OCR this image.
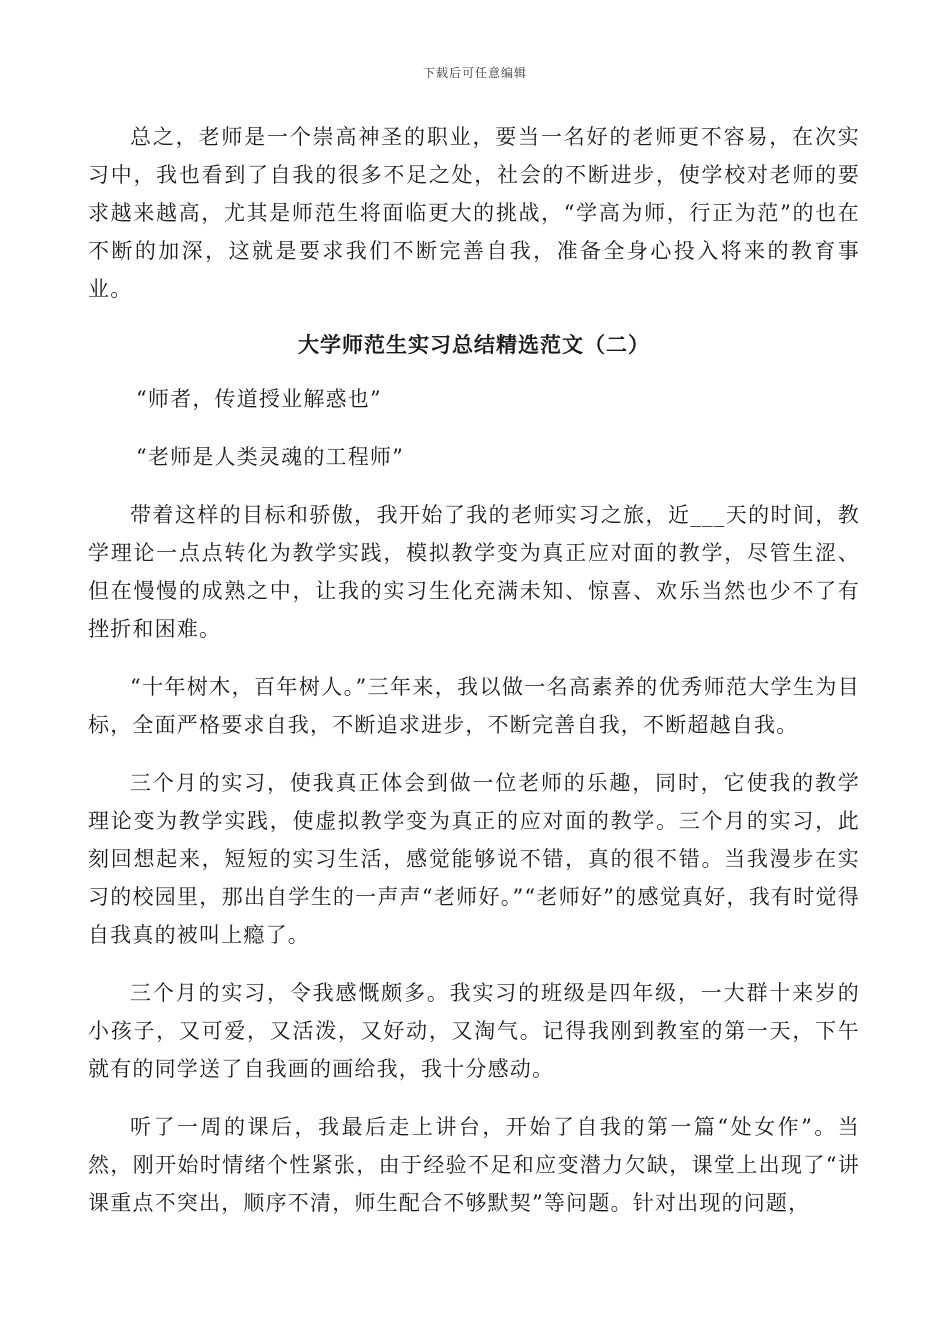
下载后可任意编辑

总之，老师是一个崇高神圣的职业，要当一名好的老师更不容易，在次实习中，我也看到了自我的很多不足之处，社会的不断进步，使学校对老师的要求越来越高，尤其是师范生将面临更大的挑战，“学高为师，行正为范”的也在不断的加深，这就是要求我们不断完善自我，准备全身心投入将来的教育事业。

大学师范生实习总结精选范文（二）

“师者，传道授业解惑也”

“老师是人类灵魂的工程师”

带着这样的目标和骄傲，我开始了我的老师实习之旅，近___天的时间，教学理论一点点转化为教学实践，模拟教学变为真正应对面的教学，尽管生涩、但在慢慢的成熟之中，让我的实习生化充满未知、惊喜、欢乐当然也少不了有挫折和困难。

“十年树木，百年树人。”三年来，我以做一名高素养的优秀师范大学生为目标，全面严格要求自我，不断追求进步，不断完善自我，不断超越自我。

三个月的实习，使我真正体会到做一位老师的乐趣，同时，它使我的教学理论变为教学实践，使虚拟教学变为真正的应对面的教学。三个月的实习，此刻回想起来，短短的实习生活，感觉能够说不错，真的很不错。当我漫步在实习的校园里，那出自学生的一声声“老师好。”“老师好”的感觉真好，我有时觉得自我真的被叫上瘾了。

三个月的实习，令我感慨颇多。我实习的班级是四年级，一大群十来岁的小孩子，又可爱，又活泼，又好动，又淘气。记得我刚到教室的第一天，下午就有的同学送了自我画的画给我，我十分感动。

听了一周的课后，我最后走上讲台，开始了自我的第一篇“处女作”。当然，刚开始时情绪个性紧张，由于经验不足和应变潜力欠缺，课堂上出现了“讲课重点不突出，顺序不清，师生配合不够默契”等问题。针对出现的问题，
